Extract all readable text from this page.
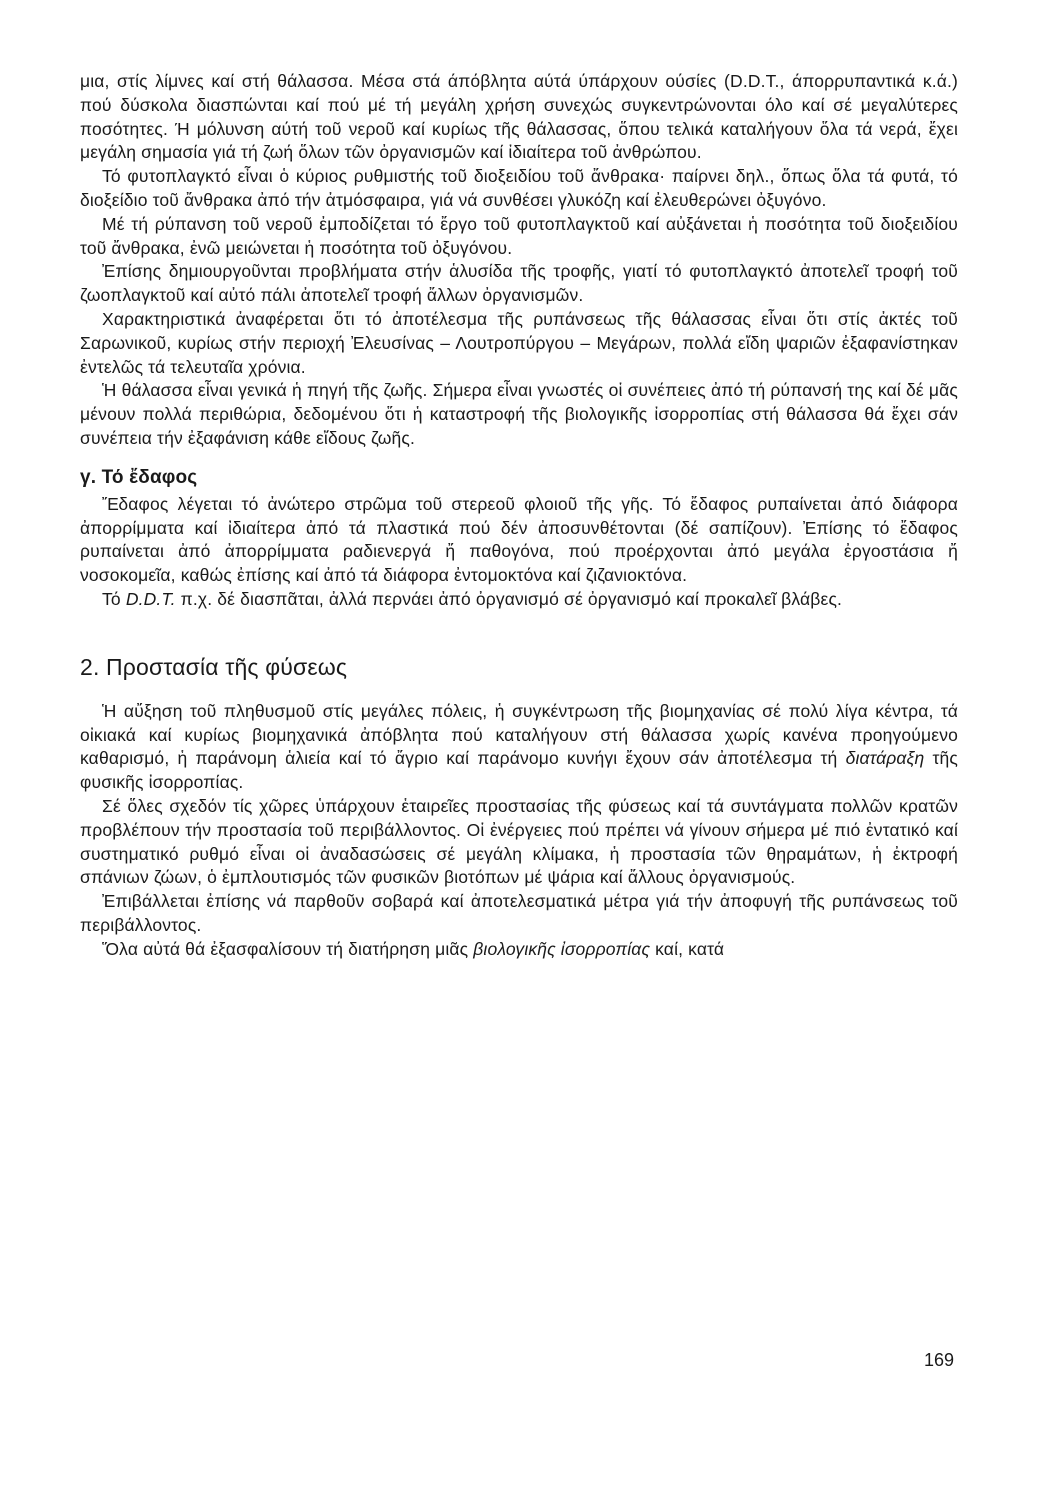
μια, στίς λίμνες καί στή θάλασσα. Μέσα στά άπόβλητα αύτά ύπάρχουν ούσίες (D.D.T., άπορρυπαντικά κ.ά.) πού δύσκολα διασπώνται καί πού μέ τή μεγάλη χρήση συνεχώς συγκεντρώνονται όλο καί σέ μεγαλύτερες ποσότητες. Ή μόλυνση αύτή τοῦ νεροῦ καί κυρίως τῆς θάλασσας, ὅπου τελικά καταλήγουν ὅλα τά νερά, ἔχει μεγάλη σημασία γιά τή ζωή ὅλων τῶν ὀργανισμῶν καί ἰδιαίτερα τοῦ ἀνθρώπου.

Τό φυτοπλαγκτό εἶναι ὁ κύριος ρυθμιστής τοῦ διοξειδίου τοῦ ἄνθρακα· παίρνει δηλ., ὅπως ὅλα τά φυτά, τό διοξείδιο τοῦ ἄνθρακα ἀπό τήν ἀτμόσφαιρα, γιά νά συνθέσει γλυκόζη καί ἐλευθερώνει ὀξυγόνο.

Μέ τή ρύπανση τοῦ νεροῦ ἐμποδίζεται τό ἔργο τοῦ φυτοπλαγκτοῦ καί αὐξάνεται ἡ ποσότητα τοῦ διοξειδίου τοῦ ἄνθρακα, ἐνῶ μειώνεται ἡ ποσότητα τοῦ ὀξυγόνου.

Ἐπίσης δημιουργοῦνται προβλήματα στήν ἁλυσίδα τῆς τροφῆς, γιατί τό φυτοπλαγκτό ἀποτελεῖ τροφή τοῦ ζωοπλαγκτοῦ καί αὐτό πάλι ἀποτελεῖ τροφή ἄλλων ὀργανισμῶν.

Χαρακτηριστικά ἀναφέρεται ὅτι τό ἀποτέλεσμα τῆς ρυπάνσεως τῆς θάλασσας εἶναι ὅτι στίς ἀκτές τοῦ Σαρωνικοῦ, κυρίως στήν περιοχή Ἐλευσίνας – Λουτροπύργου – Μεγάρων, πολλά εἴδη ψαριῶν ἐξαφανίστηκαν ἐντελῶς τά τελευταῖα χρόνια.

Ἡ θάλασσα εἶναι γενικά ἡ πηγή τῆς ζωῆς. Σήμερα εἶναι γνωστές οἱ συνέπειες ἀπό τή ρύπανσή της καί δέ μᾶς μένουν πολλά περιθώρια, δεδομένου ὅτι ἡ καταστροφή τῆς βιολογικῆς ἰσορροπίας στή θάλασσα θά ἔχει σάν συνέπεια τήν ἐξαφάνιση κάθε εἴδους ζωῆς.

γ. Τό ἔδαφος

Ἔδαφος λέγεται τό ἀνώτερο στρῶμα τοῦ στερεοῦ φλοιοῦ τῆς γῆς. Τό ἔδαφος ρυπαίνεται ἀπό διάφορα ἀπορρίμματα καί ἰδιαίτερα ἀπό τά πλαστικά πού δέν ἀποσυνθέτονται (δέ σαπίζουν). Ἐπίσης τό ἔδαφος ρυπαίνεται ἀπό ἀπορρίμματα ραδιενεργά ἤ παθογόνα, πού προέρχονται ἀπό μεγάλα ἐργοστάσια ἤ νοσοκομεῖα, καθώς ἐπίσης καί ἀπό τά διάφορα ἐντομοκτόνα καί ζιζανιοκτόνα.

Τό D.D.T. π.χ. δέ διασπᾶται, ἀλλά περνάει ἀπό ὀργανισμό σέ ὀργανισμό καί προκαλεῖ βλάβες.

2. Προστασία τῆς φύσεως

Ἡ αὔξηση τοῦ πληθυσμοῦ στίς μεγάλες πόλεις, ἡ συγκέντρωση τῆς βιομηχανίας σέ πολύ λίγα κέντρα, τά οἰκιακά καί κυρίως βιομηχανικά ἀπόβλητα πού καταλήγουν στή θάλασσα χωρίς κανένα προηγούμενο καθαρισμό, ἡ παράνομη ἁλιεία καί τό ἄγριο καί παράνομο κυνήγι ἔχουν σάν ἀποτέλεσμα τή διατάραξη τῆς φυσικῆς ἰσορροπίας.

Σέ ὅλες σχεδόν τίς χῶρες ὑπάρχουν ἑταιρεῖες προστασίας τῆς φύσεως καί τά συντάγματα πολλῶν κρατῶν προβλέπουν τήν προστασία τοῦ περιβάλλοντος. Οἱ ἐνέργειες πού πρέπει νά γίνουν σήμερα μέ πιό ἐντατικό καί συστηματικό ρυθμό εἶναι οἱ ἀναδασώσεις σέ μεγάλη κλίμακα, ἡ προστασία τῶν θηραμάτων, ἡ ἐκτροφή σπάνιων ζώων, ὁ ἐμπλουτισμός τῶν φυσικῶν βιοτόπων μέ ψάρια καί ἄλλους ὀργανισμούς.

Ἐπιβάλλεται ἐπίσης νά παρθοῦν σοβαρά καί ἀποτελεσματικά μέτρα γιά τήν ἀποφυγή τῆς ρυπάνσεως τοῦ περιβάλλοντος.

Ὅλα αὐτά θά ἐξασφαλίσουν τή διατήρηση μιᾶς βιολογικῆς ἰσορροπίας καί, κατά

169
